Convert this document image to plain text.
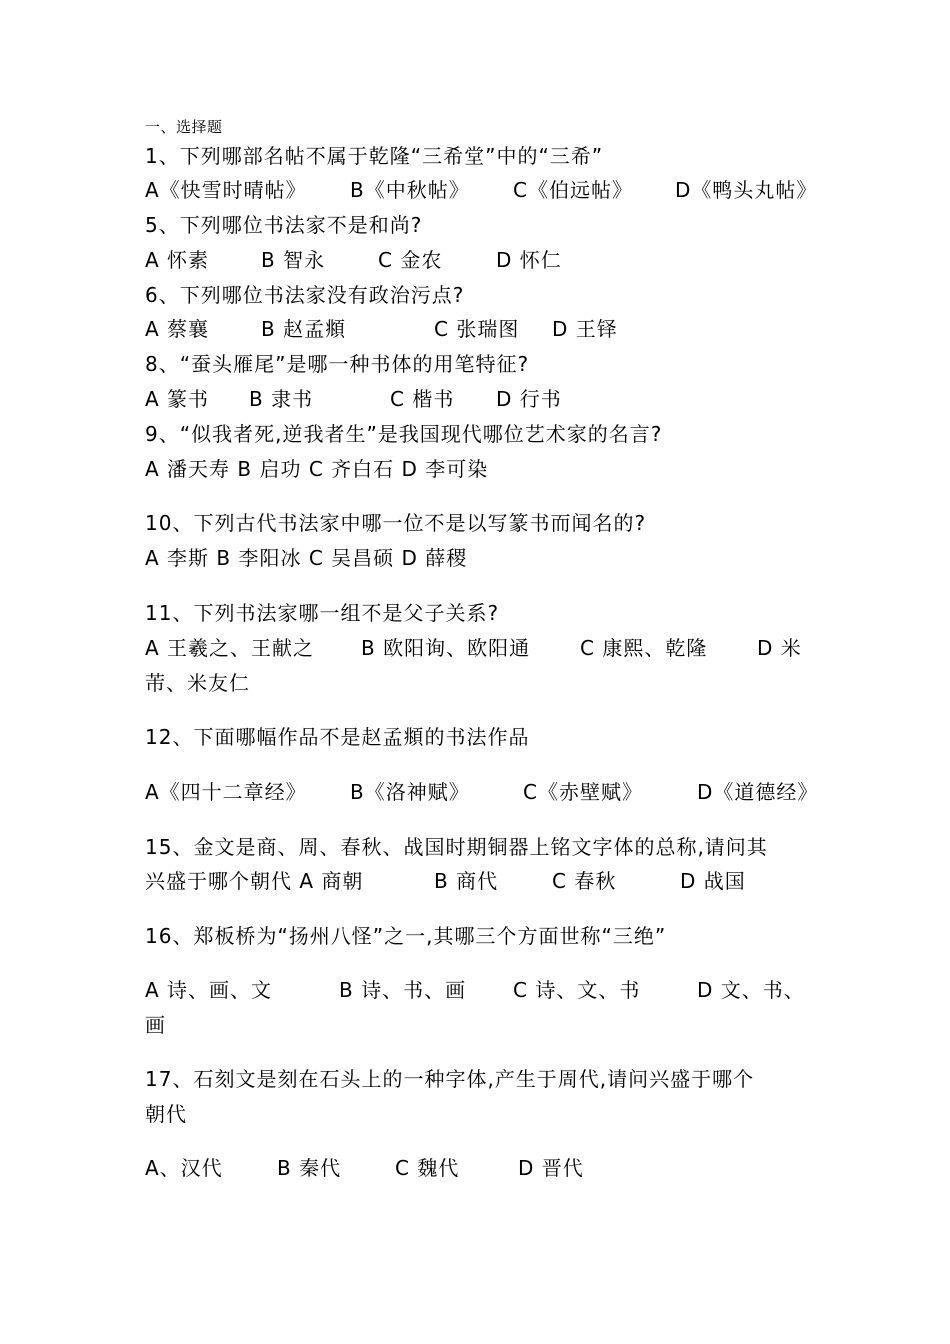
一、选择题
1、下列哪部名帖不属于乾隆“三希堂”中的“三希”
A《快雪时晴帖》 B《中秋帖》 C《伯远帖》 D《鸭头丸帖》
5、下列哪位书法家不是和尚?
A 怀素	B 智永	C 金农	D 怀仁
6、下列哪位书法家没有政治污点?
A 蔡襄	B 赵孟頫	C 张瑞图 D 王铎
8、“蚕头雁尾”是哪一种书体的用笔特征?
A 篆书 B 隶书	C 楷书 D 行书
9、“似我者死,逆我者生”是我国现代哪位艺术家的名言?
A 潘天寿 B 启功 C 齐白石 D 李可染
10、下列古代书法家中哪一位不是以写篆书而闻名的?
A 李斯 B 李阳冰 C 吴昌硕 D 薛稷
11、下列书法家哪一组不是父子关系?
A 王羲之、王献之 B 欧阳询、欧阳通 C 康熙、乾隆 D 米
芾、米友仁
12、下面哪幅作品不是赵孟頫的书法作品
A《四十二章经》 B《洛神赋》	C《赤壁赋》	D《道德经》
15、金文是商、周、春秋、战国时期铜器上铭文字体的总称,请问其
兴盛于哪个朝代 A 商朝	B 商代	C 春秋	D 战国
16、郑板桥为“扬州八怪”之一,其哪三个方面世称“三绝”
A 诗、画、文	B 诗、书、画 C 诗、文、书	D 文、书、
画
17、石刻文是刻在石头上的一种字体,产生于周代,请问兴盛于哪个
朝代
A、汉代	B 秦代	C 魏代	D 晋代
